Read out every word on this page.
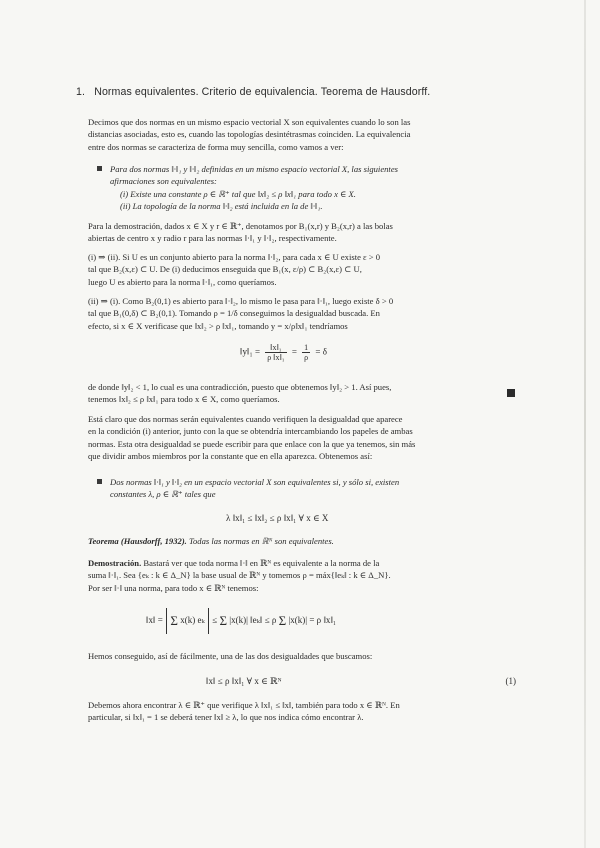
1. Normas equivalentes. Criterio de equivalencia. Teorema de Hausdorff.
Decimos que dos normas en un mismo espacio vectorial X son equivalentes cuando lo son las
distancias asociadas, esto es, cuando las topologías desintétrasmas coinciden. La equivalencia
entre dos normas se caracteriza de forma muy sencilla, como vamos a ver:
Para dos normas ‖·‖₁ y ‖·‖₂ definidas en un mismo espacio vectorial X, las siguientes
afirmaciones son equivalentes:
(i) Existe una constante ρ ∈ ℝ⁺ tal que ‖x‖₂ ≤ ρ ‖x‖₁ para todo x ∈ X.
(ii) La topología de la norma ‖·‖₂ está incluida en la de ‖·‖₁.
Para la demostración, dados x ∈ X y r ∈ ℝ⁺, denotamos por B₁(x,r) y B₂(x,r) a las bolas
abiertas de centro x y radio r para las normas ‖·‖₁ y ‖·‖₂, respectivamente.
(i) ⇒ (ii). Si U es un conjunto abierto para la norma ‖·‖₂, para cada x ∈ U existe ε > 0
tal que B₂(x,ε) ⊂ U. De (i) deducimos enseguida que B₁(x, ε/ρ) ⊂ B₂(x,ε) ⊂ U,
luego U es abierto para la norma ‖·‖₁, como queríamos.
(ii) ⇒ (i). Como B₂(0,1) es abierto para ‖·‖₂, lo mismo le pasa para ‖·‖₁, luego existe δ > 0
tal que B₁(0,δ) ⊂ B₂(0,1). Tomando ρ = 1/δ conseguimos la desigualdad buscada. En
efecto, si x ∈ X verificase que ‖x‖₂ > ρ ‖x‖₁, tomando y = x/ρ‖x‖₁ tendríamos
‖y‖₁ = $\frac{\text{‖x‖₁}}{\text{ρ ‖x‖₁}} = \frac{1}{\rho} = \delta$
de donde ‖y‖₂ < 1, lo cual es una contradicción, puesto que obtenemos ‖y‖₂ > 1. Así pues,
tenemos ‖x‖₂ ≤ ρ ‖x‖₁ para todo x ∈ X, como queríamos.
Está claro que dos normas serán equivalentes cuando verifiquen la desigualdad que aparece
en la condición (i) anterior, junto con la que se obtendría intercambiando los papeles de ambas
normas. Esta otra desigualdad se puede escribir para que enlace con la que ya tenemos, sin más
que dividir ambos miembros por la constante que en ella aparezca. Obtenemos así:
Dos normas ‖·‖₁ y ‖·‖₂ en un espacio vectorial X son equivalentes si, y sólo si, existen
constantes λ, ρ ∈ ℝ⁺ tales que
λ ‖x‖₁ ≤ ‖x‖₂ ≤ ρ ‖x‖₁ ∀ x ∈ X
Teorema (Hausdorff, 1932). Todas las normas en ℝᴺ son equivalentes.
Demostración. Bastará ver que toda norma ‖·‖ en ℝᴺ es equivalente a la norma de la
suma ‖·‖₁. Sea {eₖ : k ∈ Δ_N} la base usual de ℝᴺ y tomemos ρ = máx{‖eₖ‖ : k ∈ Δ_N}.
Por ser ‖·‖ una norma, para todo x ∈ ℝᴺ tenemos:
‖x‖ = Σ x(k) eₖ ≤ Σ |x(k)| ‖eₖ‖ ≤ ρ Σ |x(k)| = ρ ‖x‖₁
Hemos conseguido, así de fácilmente, una de las dos desigualdades que buscamos:
‖x‖ ≤ ρ ‖x‖₁ ∀ x ∈ ℝᴺ	(1)
Debemos ahora encontrar λ ∈ ℝ⁺ que verifique λ ‖x‖₁ ≤ ‖x‖, también para todo x ∈ ℝᴺ. En
particular, si ‖x‖₁ = 1 se deberá tener ‖x‖ ≥ λ, lo que nos indica cómo encontrar λ.
